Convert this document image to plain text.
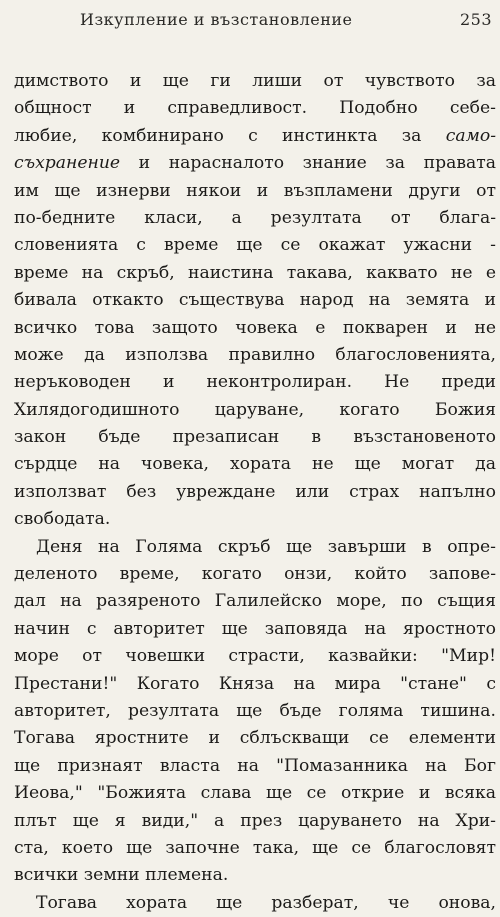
Изкупление и възстановление	253
димството и ще ги лиши от чувството за
общност и справедливост. Подобно себе-
любие, комбинирано с инстинкта за само-
съхранение и нарасналото знание за правата
им ще изнерви някои и възпламени други от
по-бедните класи, а резултата от блага-
словенията с време ще се окажат ужасни -
време на скръб, наистина такава, каквато не е
бивала откакто съществува народ на земята и
всичко това защото човека е покварен и не
може да използва правилно благословенията,
неръководен и неконтролиран. Не преди
Хилядогодишното царуване, когато Божия
закон бъде презаписан в възстановеното
сърдце на човека, хората не ще могат да
използват без увреждане или страх напълно
свободата.
Деня на Голяма скръб ще завърши в опре-
деленото време, когато онзи, който запове-
дал на разяреното Галилейско море, по същия
начин с авторитет ще заповяда на яростното
море от човешки страсти, казвайки: "Мир!
Престани!" Когато Княза на мира "стане" с
авторитет, резултата ще бъде голяма тишина.
Тогава яростните и сблъскващи се елементи
ще признаят власта на "Помазанника на Бог
Иеова," "Божията слава ще се открие и всяка
плът ще я види," а през царуването на Хри-
ста, което ще започне така, ще се благословят
всички земни племена.
Тогава хората ще разберат, че онова,
